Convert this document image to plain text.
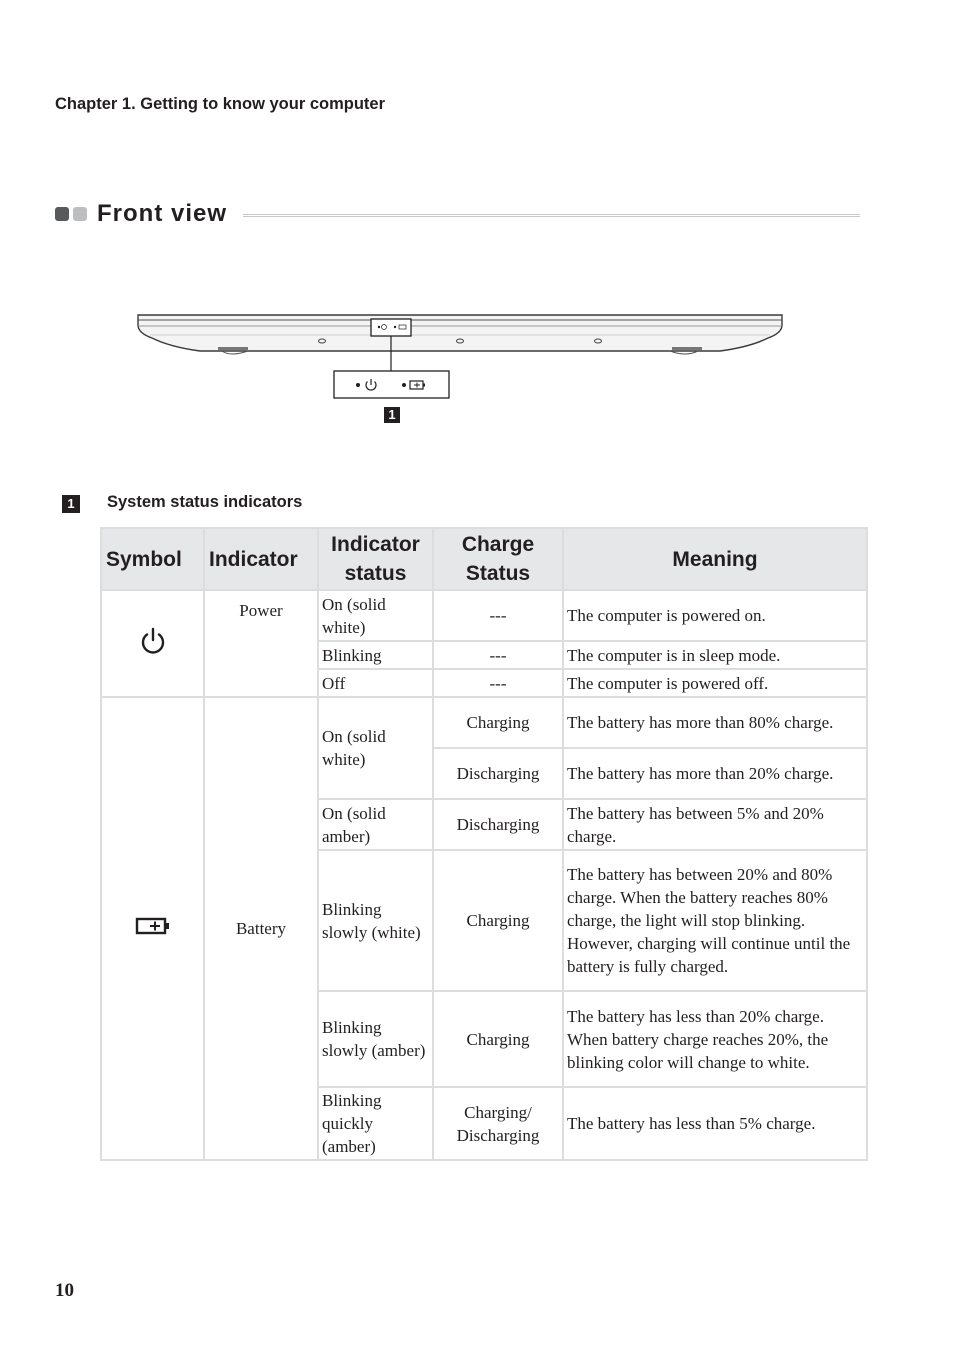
Chapter 1. Getting to know your computer
Front view
1
1	System status indicators
Symbol	Indicator	Indicator status	Charge Status	Meaning
	Power	On (solid white)	---	The computer is powered on.
		Blinking	---	The computer is in sleep mode.
		Off	---	The computer is powered off.
	Battery	On (solid white)	Charging	The battery has more than 80% charge.
			Discharging	The battery has more than 20% charge.
		On (solid amber)	Discharging	The battery has between 5% and 20% charge.
		Blinking slowly (white)	Charging	The battery has between 20% and 80% charge. When the battery reaches 80% charge, the light will stop blinking. However, charging will continue until the battery is fully charged.
		Blinking slowly (amber)	Charging	The battery has less than 20% charge. When battery charge reaches 20%, the blinking color will change to white.
		Blinking quickly (amber)	Charging/ Discharging	The battery has less than 5% charge.
10
